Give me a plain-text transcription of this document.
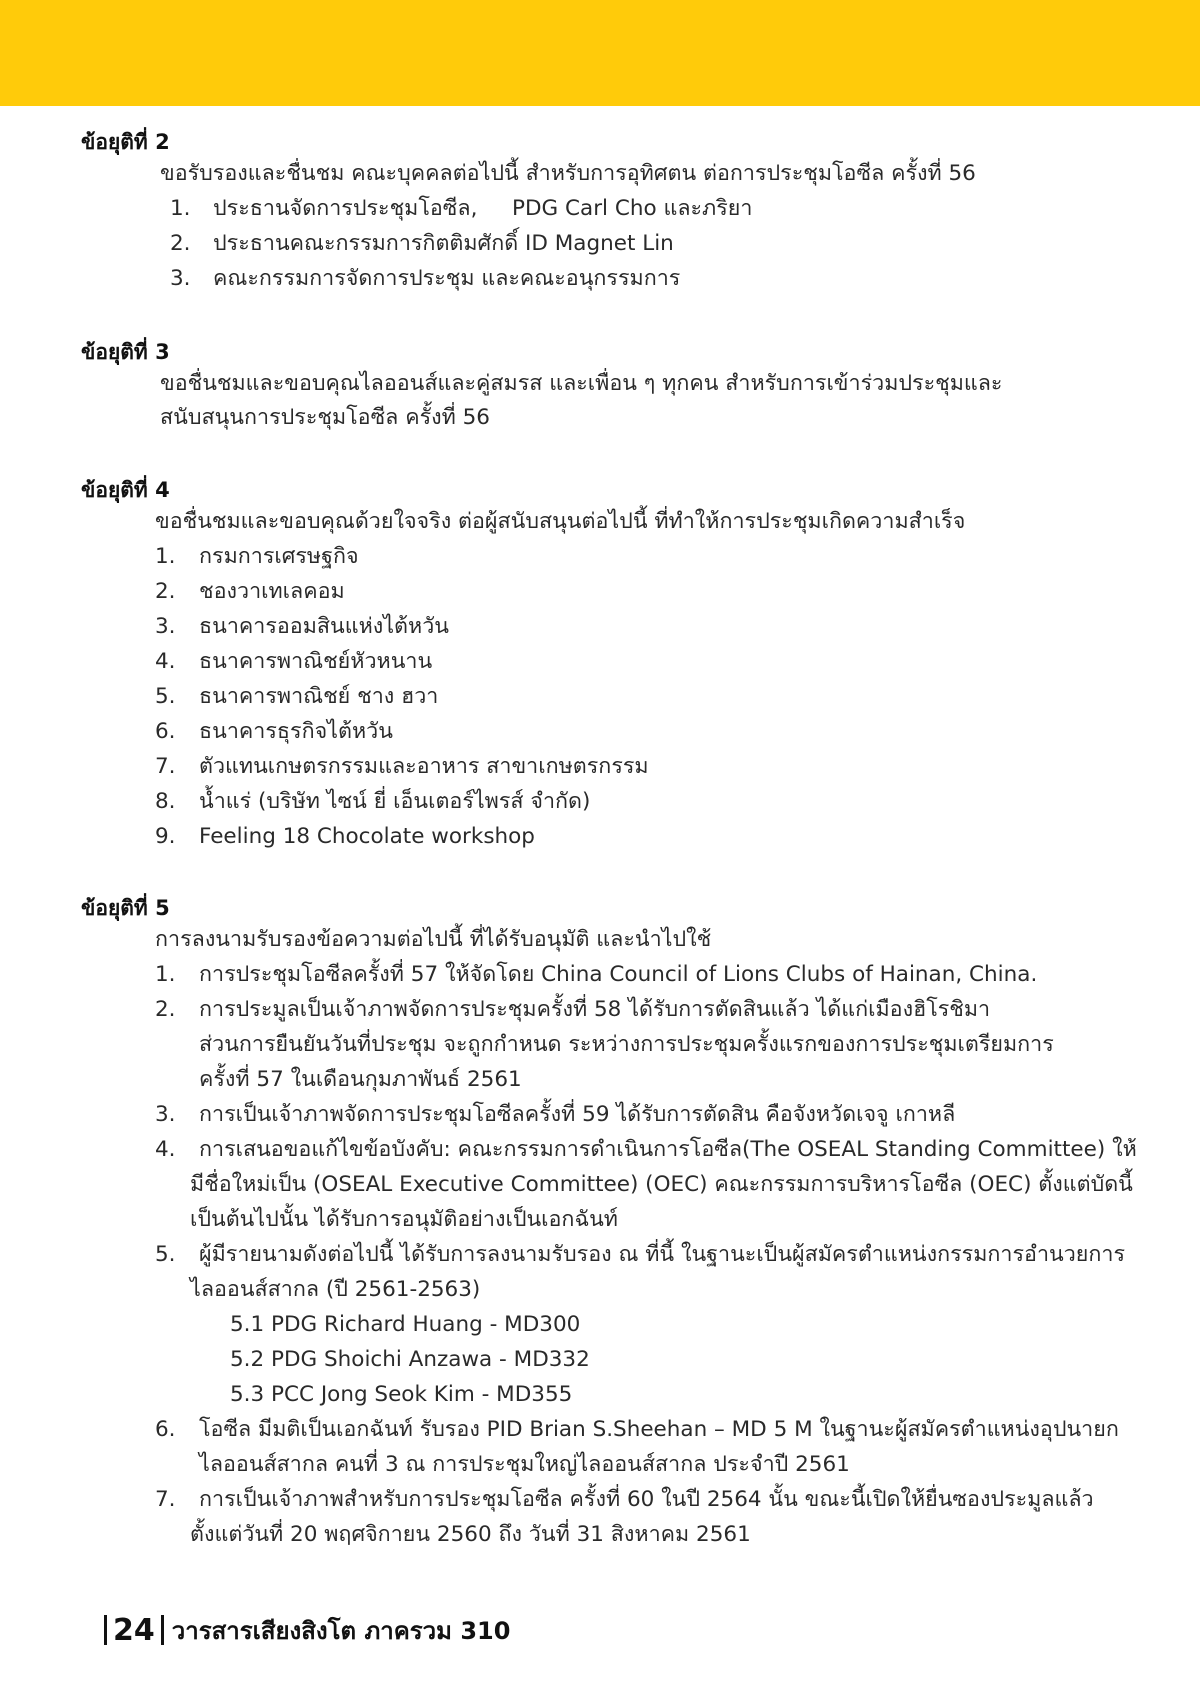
ข้อยุติที่ 2
ขอรับรองและชื่นชม คณะบุคคลต่อไปนี้ สำหรับการอุทิศตน ต่อการประชุมโอซีล ครั้งที่ 56
1. ประธานจัดการประชุมโอซีล, PDG Carl Cho และภริยา
2. ประธานคณะกรรมการกิตติมศักดิ์ ID Magnet Lin
3. คณะกรรมการจัดการประชุม และคณะอนุกรรมการ
ข้อยุติที่ 3
ขอชื่นชมและขอบคุณไลออนส์และคู่สมรส และเพื่อน ๆ ทุกคน สำหรับการเข้าร่วมประชุมและ
สนับสนุนการประชุมโอซีล ครั้งที่ 56
ข้อยุติที่ 4
ขอชื่นชมและขอบคุณด้วยใจจริง ต่อผู้สนับสนุนต่อไปนี้ ที่ทำให้การประชุมเกิดความสำเร็จ
1. กรมการเศรษฐกิจ
2. ชองวาเทเลคอม
3. ธนาคารออมสินแห่งไต้หวัน
4. ธนาคารพาณิชย์หัวหนาน
5. ธนาคารพาณิชย์ ชาง ฮวา
6. ธนาคารธุรกิจไต้หวัน
7. ตัวแทนเกษตรกรรมและอาหาร สาขาเกษตรกรรม
8. น้ำแร่ (บริษัท ไซน์ ยี่ เอ็นเตอร์ไพรส์ จำกัด)
9. Feeling 18 Chocolate workshop
ข้อยุติที่ 5
การลงนามรับรองข้อความต่อไปนี้ ที่ได้รับอนุมัติ และนำไปใช้
1. การประชุมโอซีลครั้งที่ 57 ให้จัดโดย China Council of Lions Clubs of Hainan, China.
2. การประมูลเป็นเจ้าภาพจัดการประชุมครั้งที่ 58 ได้รับการตัดสินแล้ว ได้แก่เมืองฮิโรชิมา
ส่วนการยืนยันวันที่ประชุม จะถูกกำหนด ระหว่างการประชุมครั้งแรกของการประชุมเตรียมการ
ครั้งที่ 57 ในเดือนกุมภาพันธ์ 2561
3. การเป็นเจ้าภาพจัดการประชุมโอซีลครั้งที่ 59 ได้รับการตัดสิน คือจังหวัดเจจู เกาหลี
4. การเสนอขอแก้ไขข้อบังคับ: คณะกรรมการดำเนินการโอซีล(The OSEAL Standing Committee) ให้
มีชื่อใหม่เป็น (OSEAL Executive Committee) (OEC) คณะกรรมการบริหารโอซีล (OEC) ตั้งแต่บัดนี้
เป็นต้นไปนั้น ได้รับการอนุมัติอย่างเป็นเอกฉันท์
5. ผู้มีรายนามดังต่อไปนี้ ได้รับการลงนามรับรอง ณ ที่นี้ ในฐานะเป็นผู้สมัครตำแหน่งกรรมการอำนวยการ
ไลออนส์สากล (ปี 2561-2563)
5.1 PDG Richard Huang - MD300
5.2 PDG Shoichi Anzawa - MD332
5.3 PCC Jong Seok Kim - MD355
6. โอซีล มีมติเป็นเอกฉันท์ รับรอง PID Brian S.Sheehan – MD 5 M ในฐานะผู้สมัครตำแหน่งอุปนายก
ไลออนส์สากล คนที่ 3 ณ การประชุมใหญ่ไลออนส์สากล ประจำปี 2561
7. การเป็นเจ้าภาพสำหรับการประชุมโอซีล ครั้งที่ 60 ในปี 2564 นั้น ขณะนี้เปิดให้ยื่นซองประมูลแล้ว
ตั้งแต่วันที่ 20 พฤศจิกายน 2560 ถึง วันที่ 31 สิงหาคม 2561
24 วารสารเสียงสิงโต ภาครวม 310
